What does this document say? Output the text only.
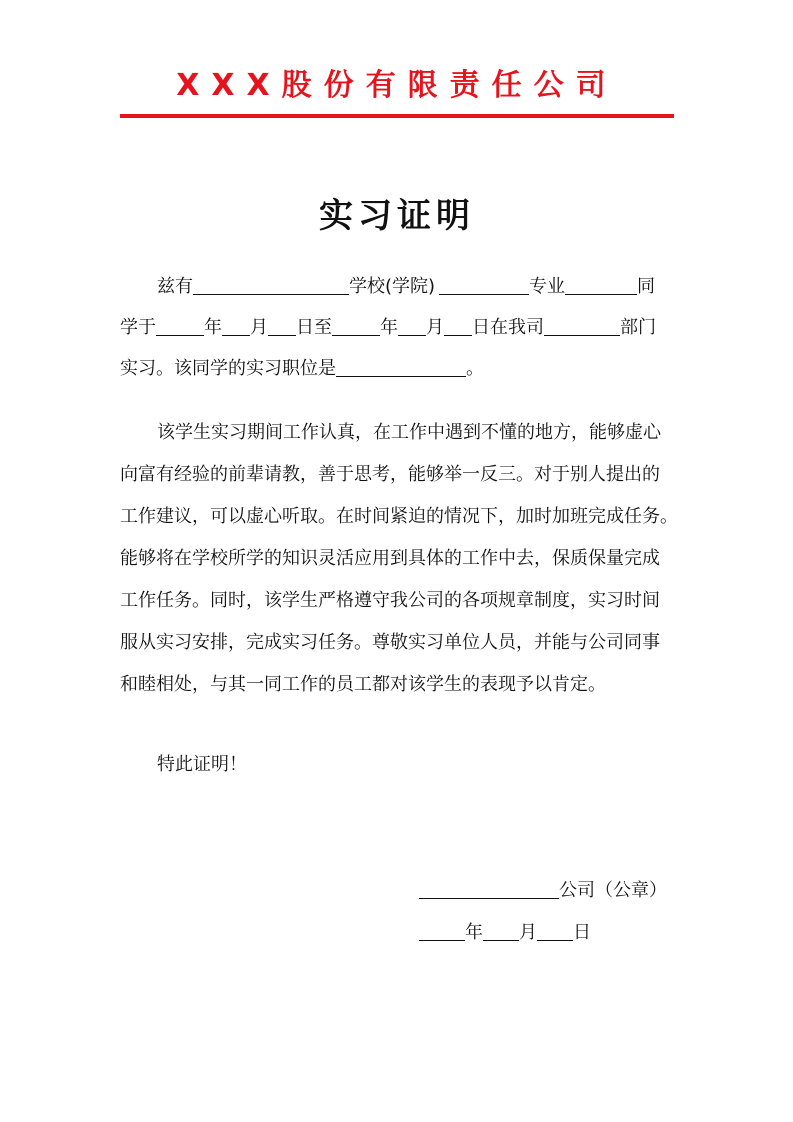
XXX股份有限责任公司
实习证明
兹有	学校(学院)	专业	同
学于	年 月 日至	年 月 日在我司	部门
实习。该同学的实习职位是	。
该学生实习期间工作认真，在工作中遇到不懂的地方，能够虚心
向富有经验的前辈请教，善于思考，能够举一反三。对于别人提出的
工作建议，可以虚心听取。在时间紧迫的情况下，加时加班完成任务。
能够将在学校所学的知识灵活应用到具体的工作中去，保质保量完成
工作任务。同时，该学生严格遵守我公司的各项规章制度，实习时间
服从实习安排，完成实习任务。尊敬实习单位人员，并能与公司同事
和睦相处，与其一同工作的员工都对该学生的表现予以肯定。
特此证明！
公司（公章）
年 月 日
